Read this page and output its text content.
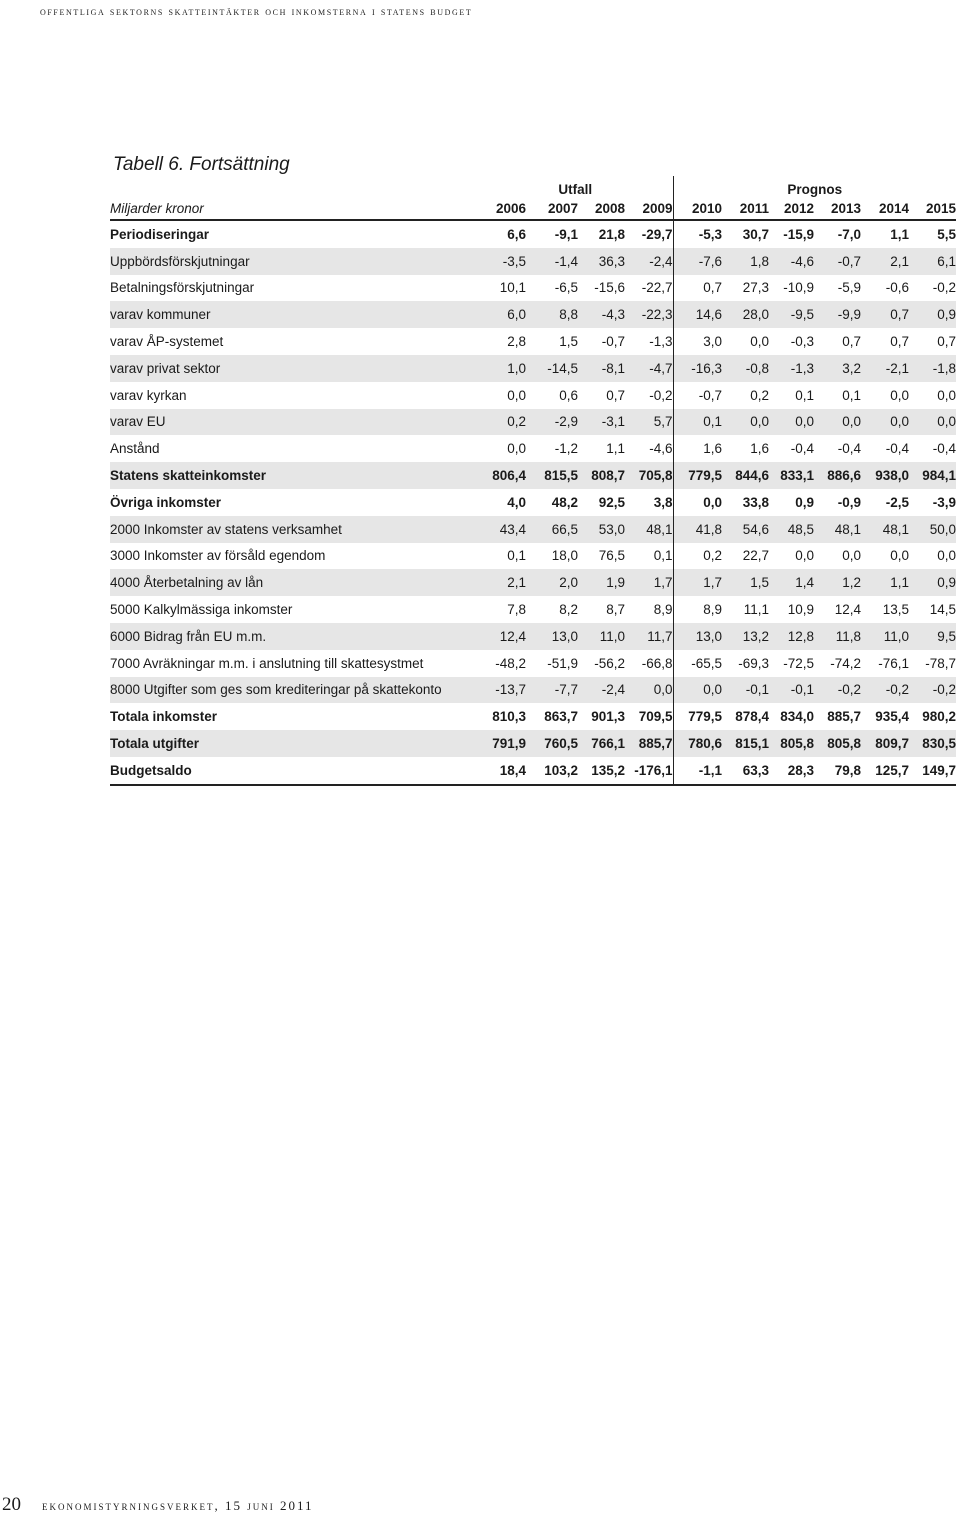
offentliga sektorns skatteintäkter och inkomsterna i statens budget
Tabell 6. Fortsättning
	Utfall				Prognos					
Miljarder kronor	2006	2007	2008	2009	2010	2011	2012	2013	2014	2015
Periodiseringar	6,6	-9,1	21,8	-29,7	-5,3	30,7	-15,9	-7,0	1,1	5,5
Uppbördsförskjutningar	-3,5	-1,4	36,3	-2,4	-7,6	1,8	-4,6	-0,7	2,1	6,1
Betalningsförskjutningar	10,1	-6,5	-15,6	-22,7	0,7	27,3	-10,9	-5,9	-0,6	-0,2
varav kommuner	6,0	8,8	-4,3	-22,3	14,6	28,0	-9,5	-9,9	0,7	0,9
varav ÅP-systemet	2,8	1,5	-0,7	-1,3	3,0	0,0	-0,3	0,7	0,7	0,7
varav privat sektor	1,0	-14,5	-8,1	-4,7	-16,3	-0,8	-1,3	3,2	-2,1	-1,8
varav kyrkan	0,0	0,6	0,7	-0,2	-0,7	0,2	0,1	0,1	0,0	0,0
varav EU	0,2	-2,9	-3,1	5,7	0,1	0,0	0,0	0,0	0,0	0,0
Anstånd	0,0	-1,2	1,1	-4,6	1,6	1,6	-0,4	-0,4	-0,4	-0,4
Statens skatteinkomster	806,4	815,5	808,7	705,8	779,5	844,6	833,1	886,6	938,0	984,1
Övriga inkomster	4,0	48,2	92,5	3,8	0,0	33,8	0,9	-0,9	-2,5	-3,9
2000 Inkomster av statens verksamhet	43,4	66,5	53,0	48,1	41,8	54,6	48,5	48,1	48,1	50,0
3000 Inkomster av försåld egendom	0,1	18,0	76,5	0,1	0,2	22,7	0,0	0,0	0,0	0,0
4000 Återbetalning av lån	2,1	2,0	1,9	1,7	1,7	1,5	1,4	1,2	1,1	0,9
5000 Kalkylmässiga inkomster	7,8	8,2	8,7	8,9	8,9	11,1	10,9	12,4	13,5	14,5
6000 Bidrag från EU m.m.	12,4	13,0	11,0	11,7	13,0	13,2	12,8	11,8	11,0	9,5
7000 Avräkningar m.m. i anslutning till skattesystmet	-48,2	-51,9	-56,2	-66,8	-65,5	-69,3	-72,5	-74,2	-76,1	-78,7
8000 Utgifter som ges som krediteringar på skattekonto	-13,7	-7,7	-2,4	0,0	0,0	-0,1	-0,1	-0,2	-0,2	-0,2
Totala inkomster	810,3	863,7	901,3	709,5	779,5	878,4	834,0	885,7	935,4	980,2
Totala utgifter	791,9	760,5	766,1	885,7	780,6	815,1	805,8	805,8	809,7	830,5
Budgetsaldo	18,4	103,2	135,2	-176,1	-1,1	63,3	28,3	79,8	125,7	149,7
20 ekonomistyrningsverket, 15 juni 2011
